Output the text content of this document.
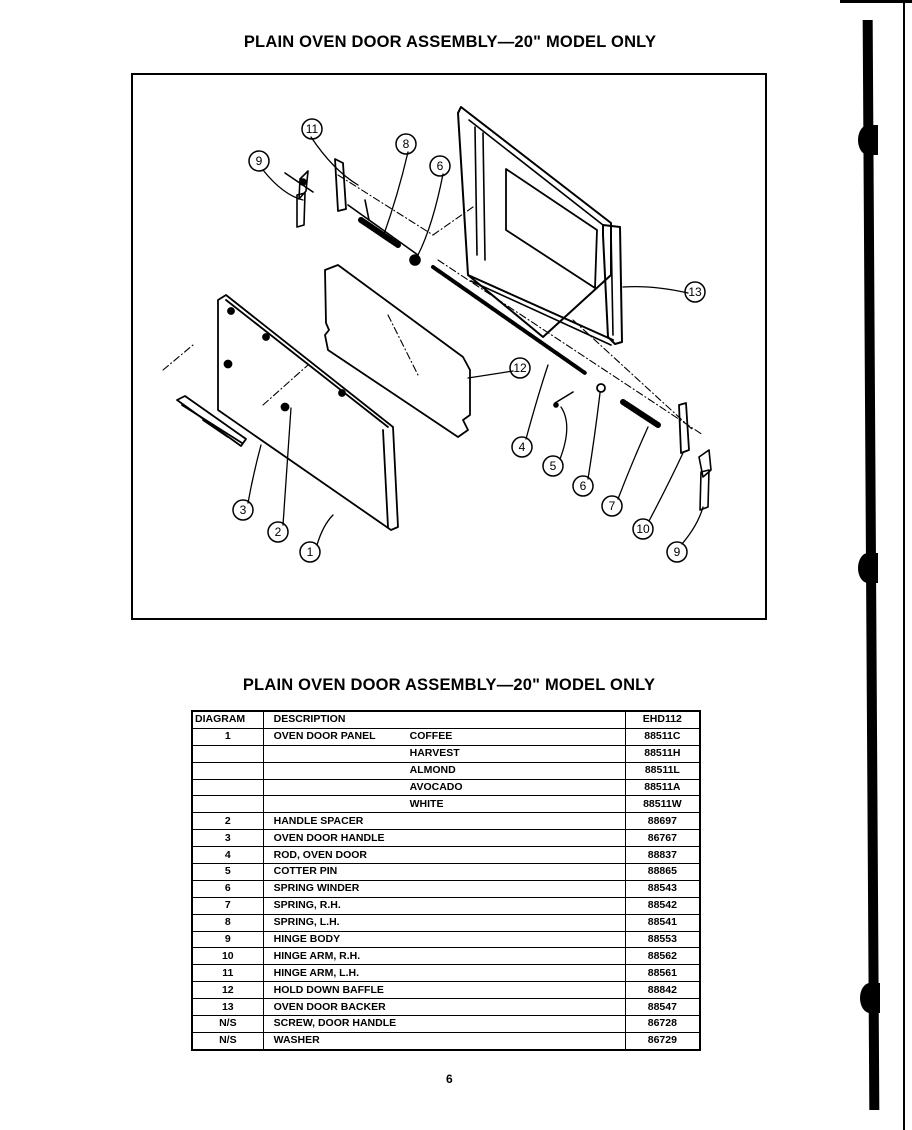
PLAIN OVEN DOOR ASSEMBLY—20" MODEL ONLY
11
8
6
9
13
12
4
5
6
7
10
9
3
2
1
PLAIN OVEN DOOR ASSEMBLY—20" MODEL ONLY
DIAGRAM	DESCRIPTION	EHD112
1	OVEN DOOR PANEL COFFEE	88511C
	HARVEST	88511H
	ALMOND	88511L
	AVOCADO	88511A
	WHITE	88511W
2	HANDLE SPACER	88697
3	OVEN DOOR HANDLE	86767
4	ROD, OVEN DOOR	88837
5	COTTER PIN	88865
6	SPRING WINDER	88543
7	SPRING, R.H.	88542
8	SPRING, L.H.	88541
9	HINGE BODY	88553
10	HINGE ARM, R.H.	88562
11	HINGE ARM, L.H.	88561
12	HOLD DOWN BAFFLE	88842
13	OVEN DOOR BACKER	88547
N/S	SCREW, DOOR HANDLE	86728
N/S	WASHER	86729
6
